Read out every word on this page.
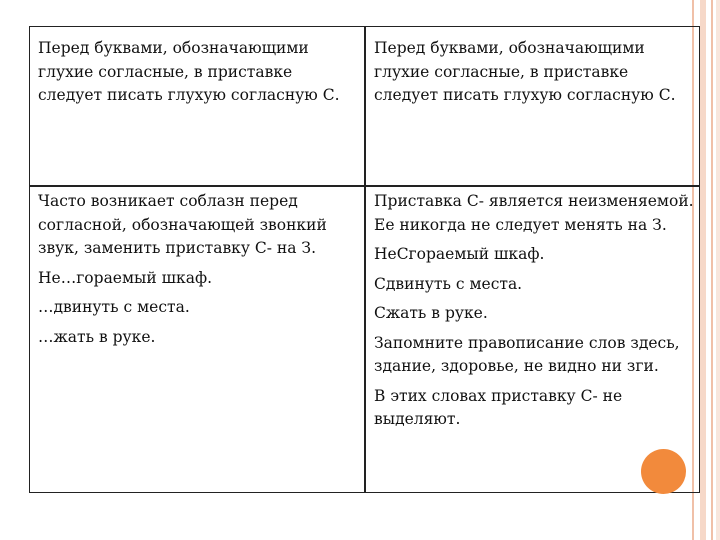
Перед буквами, обозначающими глухие согласные, в приставке следует писать глухую согласную С.

Перед буквами, обозначающими глухие согласные, в приставке следует писать глухую согласную С.

Часто возникает соблазн перед согласной, обозначающей звонкий звук, заменить приставку С- на З.

Не…гораемый шкаф.

…двинуть с места.

…жать в руке.

Приставка С- является неизменяемой. Ее никогда не следует менять на З.

НеСгораемый шкаф.

Сдвинуть с места.

Сжать в руке.

Запомните правописание слов здесь, здание, здоровье, не видно ни зги.

В этих словах приставку С- не выделяют.
